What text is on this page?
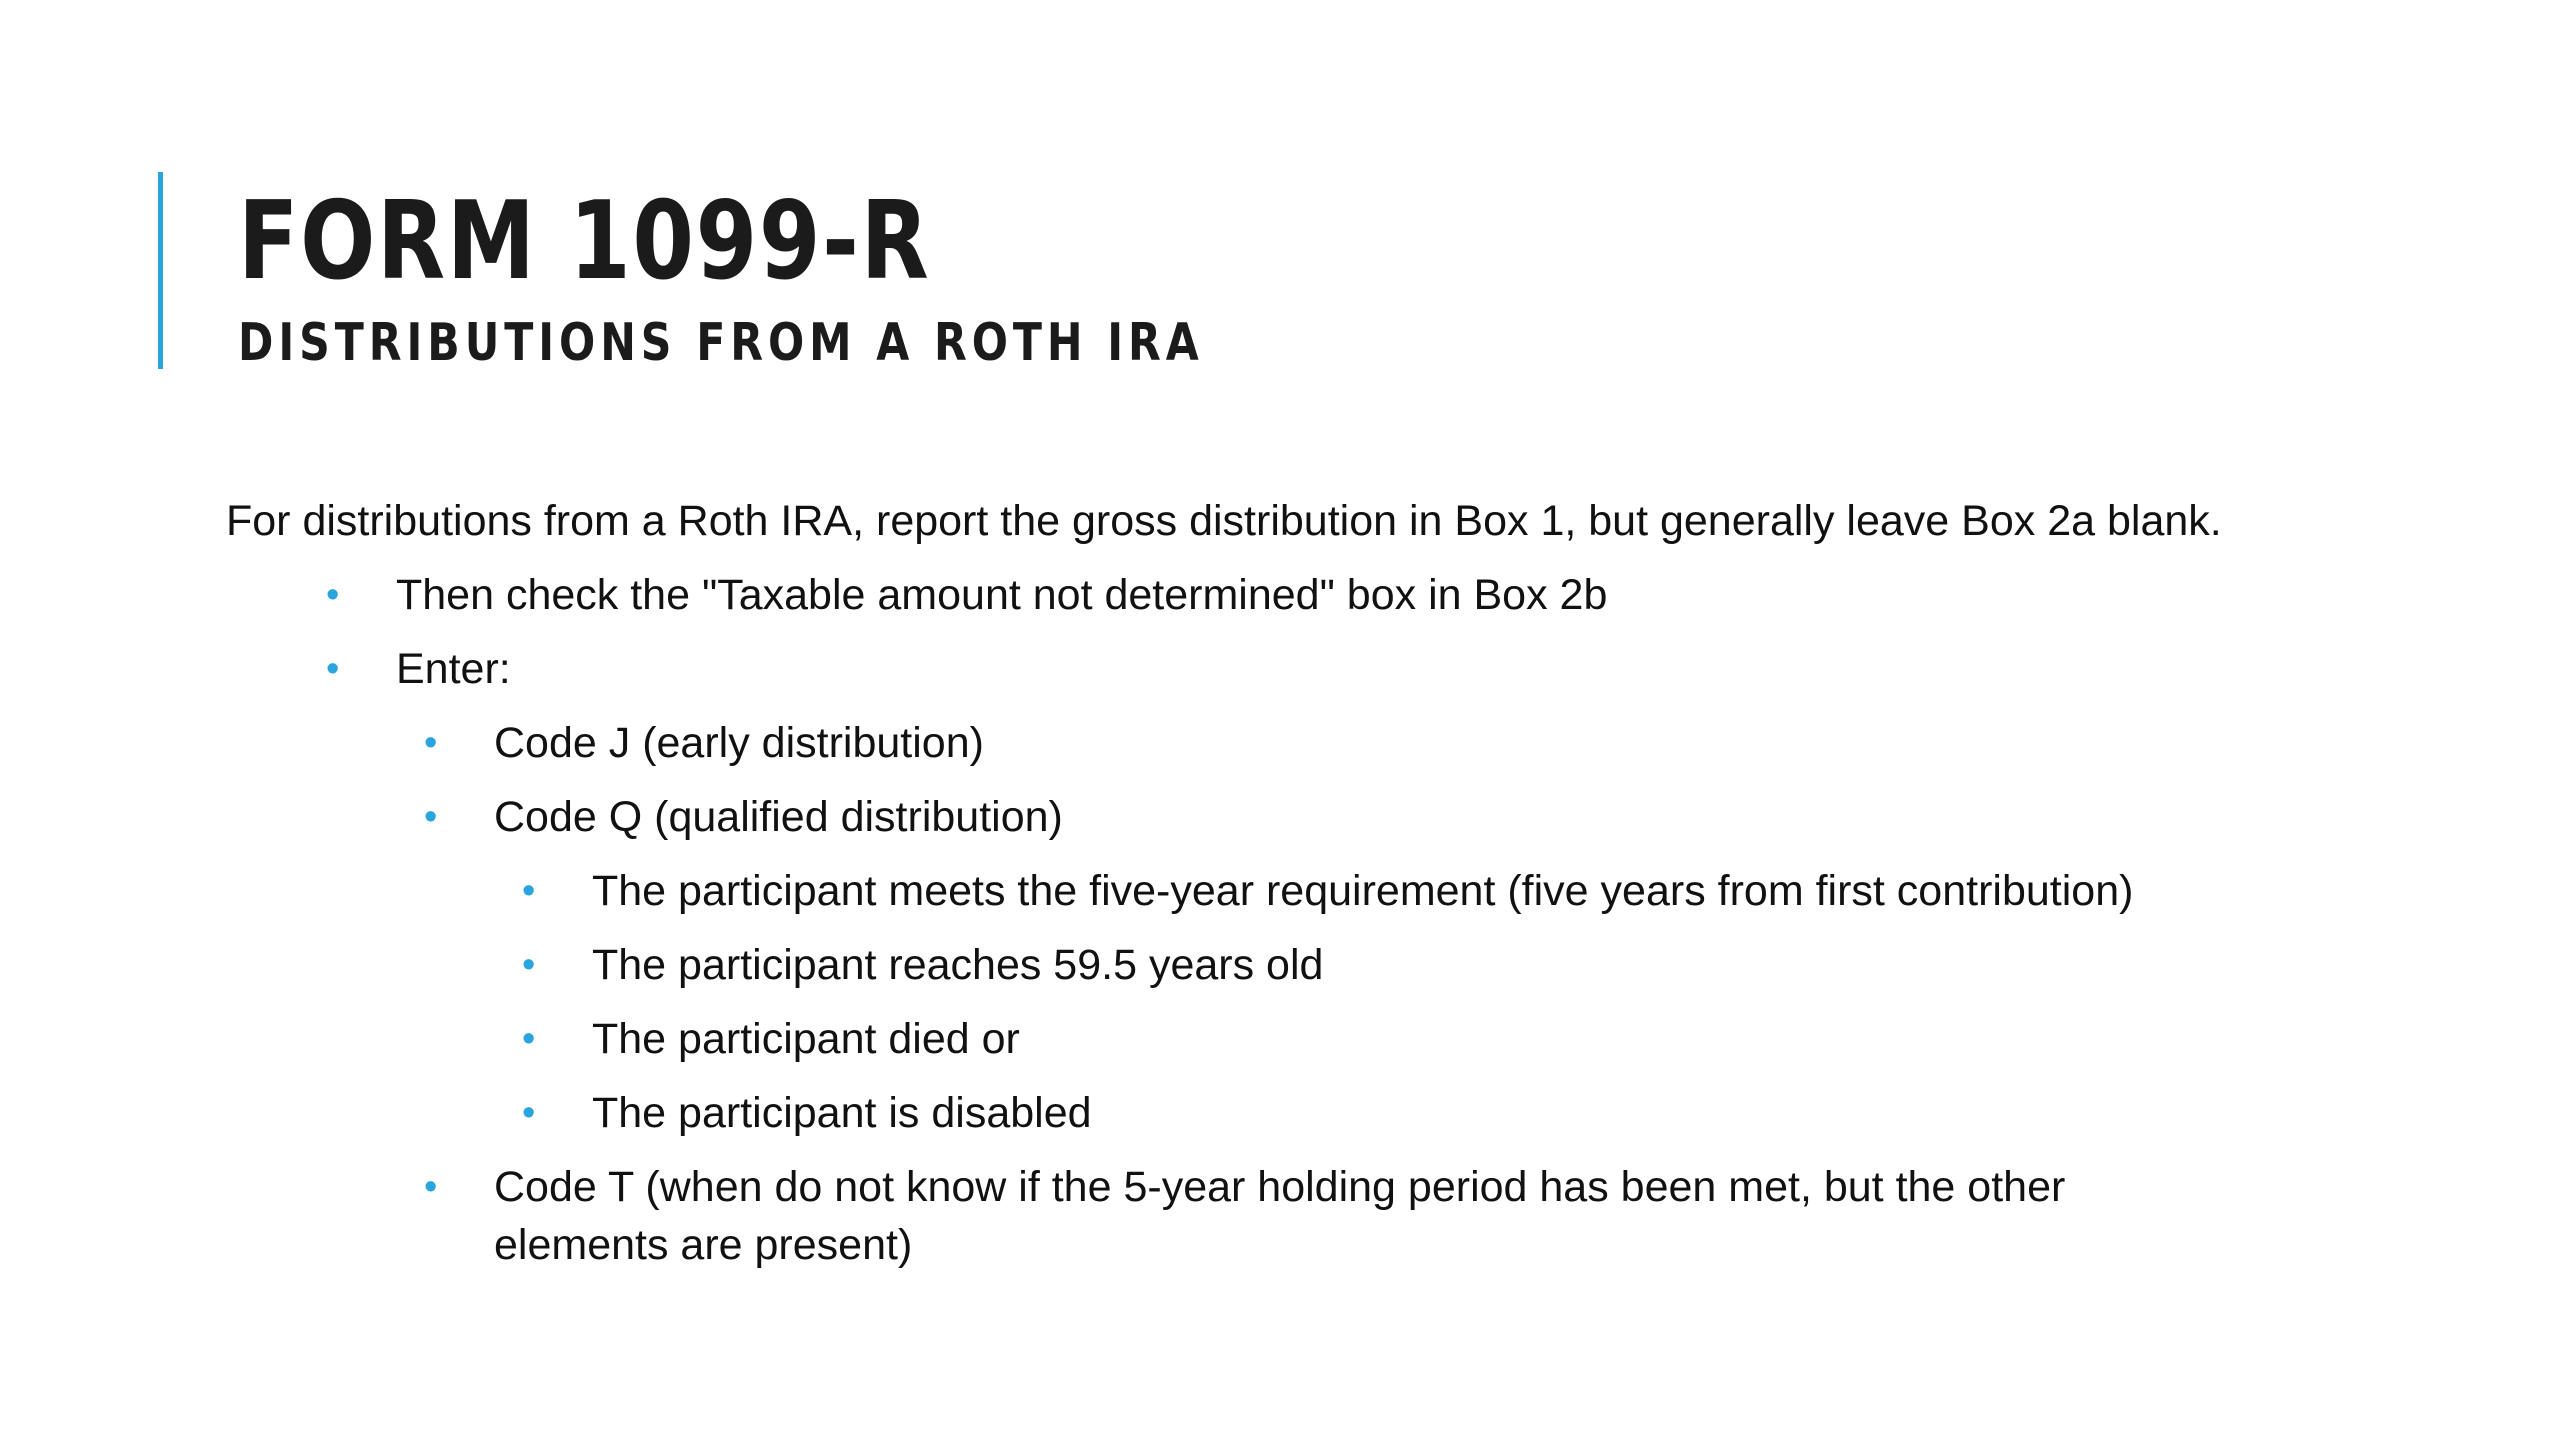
FORM 1099-R
DISTRIBUTIONS FROM A ROTH IRA

For distributions from a Roth IRA, report the gross distribution in Box 1, but generally leave Box 2a blank.

• Then check the "Taxable amount not determined" box in Box 2b
• Enter:
• Code J (early distribution)
• Code Q (qualified distribution)
• The participant meets the five-year requirement (five years from first contribution)
• The participant reaches 59.5 years old
• The participant died or
• The participant is disabled
• Code T (when do not know if the 5-year holding period has been met, but the other elements are present)
